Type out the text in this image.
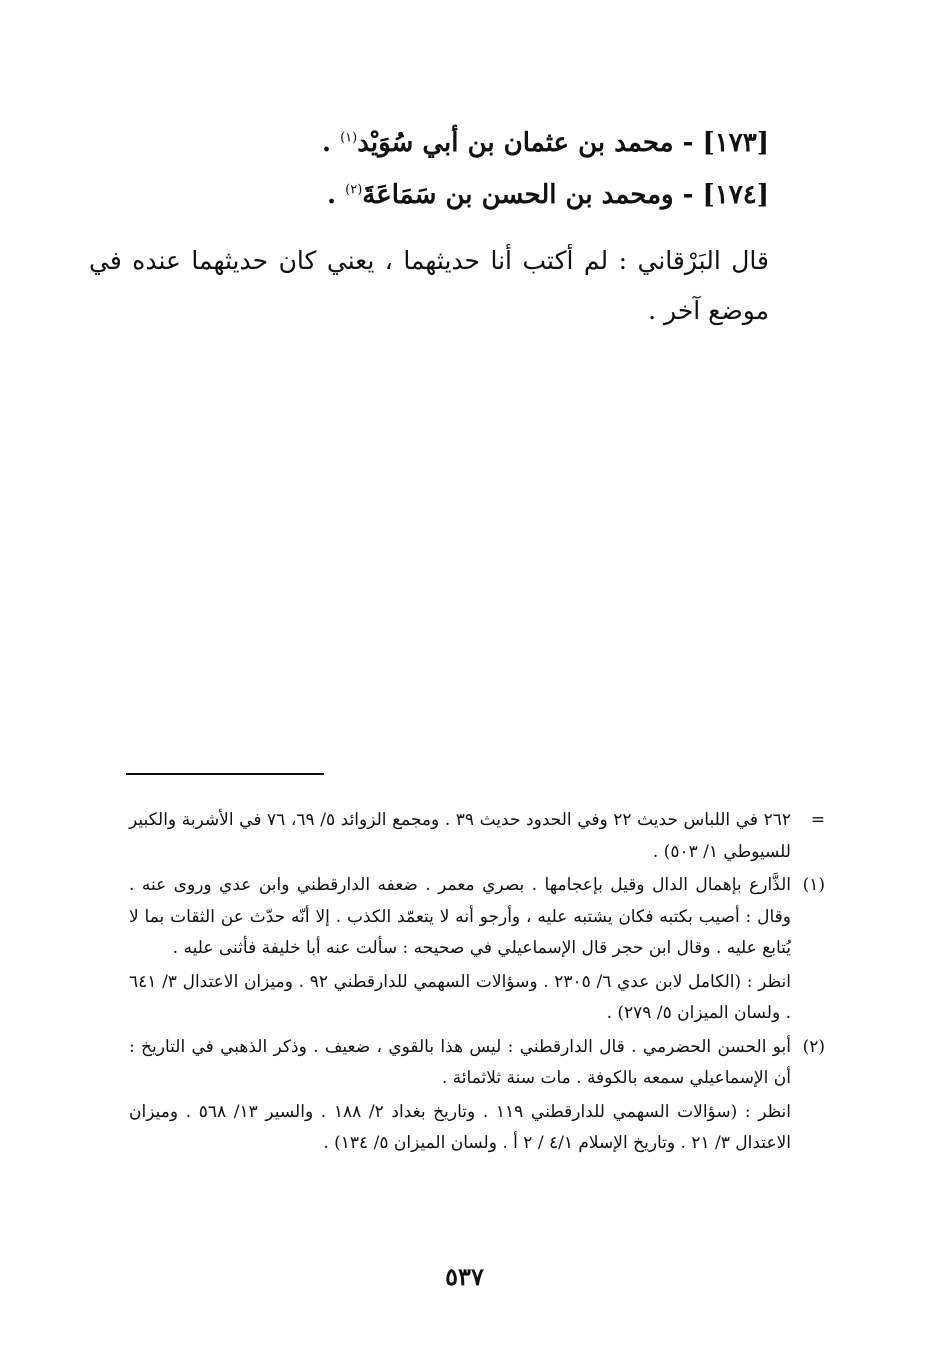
[١٧٣] - محمد بن عثمان بن أبي سُوَيْد$^{(١)}$ .
[١٧٤] - ومحمد بن الحسن بن سَمَاعَةَ$^{(٢)}$ .
قال البَرْقاني : لم أكتب أنا حديثهما ، يعني كان حديثهما عنده في موضع آخر .
=
٢٦٢ في اللباس حديث ٢٢ وفي الحدود حديث ٣٩ . ومجمع الزوائد ٥/ ٦٩، ٧٦ في الأشربة والكبير للسيوطي ١/ ٥٠٣) .
(١)
الذَّارع بإهمال الدال وقيل بإعجامها . بصري معمر . ضعفه الدارقطني وابن عدي وروى عنه . وقال : أصيب بكتبه فكان يشتبه عليه ، وأرجو أنه لا يتعمّد الكذب . إلا أنّه حدّث عن الثقات بما لا يُتابع عليه . وقال ابن حجر قال الإسماعيلي في صحيحه : سألت عنه أبا خليفة فأثنى عليه .
انظر : (الكامل لابن عدي ٦/ ٢٣٠٥ . وسؤالات السهمي للدارقطني ٩٢ . وميزان الاعتدال ٣/ ٦٤١ . ولسان الميزان ٥/ ٢٧٩) .
(٢)
أبو الحسن الحضرمي . قال الدارقطني : ليس هذا بالقوي ، ضعيف . وذكر الذهبي في التاريخ : أن الإسماعيلي سمعه بالكوفة . مات سنة ثلاثمائة .
انظر : (سؤالات السهمي للدارقطني ١١٩ . وتاريخ بغداد ٢/ ١٨٨ . والسير ١٣/ ٥٦٨ . وميزان الاعتدال ٣/ ٢١ . وتاريخ الإسلام ٤/١ / ٢ أ . ولسان الميزان ٥/ ١٣٤) .
٥٣٧
